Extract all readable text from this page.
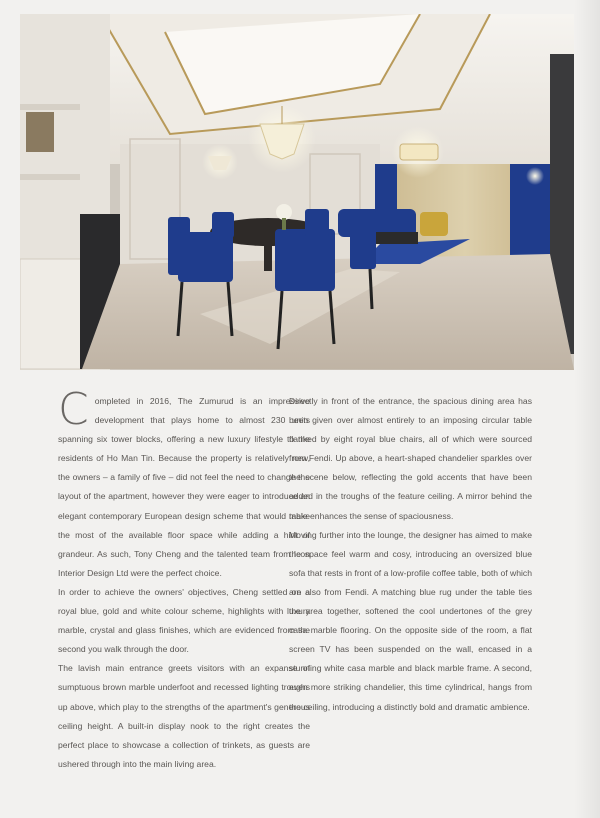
Completed in 2016, The Zumurud is an impressive development that plays home to almost 230 units spanning six tower blocks, offering a new luxury lifestyle to the residents of Ho Man Tin. Because the property is relatively new, the owners – a family of five – did not feel the need to change the layout of the apartment, however they were eager to introduce an elegant contemporary European design scheme that would make the most of the available floor space while adding a hint of grandeur. As such, Tony Cheng and the talented team from Icon Interior Design Ltd were the perfect choice.

In order to achieve the owners' objectives, Cheng settled on a royal blue, gold and white colour scheme, highlights with luxury marble, crystal and glass finishes, which are evidenced from the second you walk through the door.

The lavish main entrance greets visitors with an expanse of sumptuous brown marble underfoot and recessed lighting troughs up above, which play to the strengths of the apartment's generous ceiling height. A built-in display nook to the right creates the perfect place to showcase a collection of trinkets, as guests are ushered through into the main living area.

Directly in front of the entrance, the spacious dining area has been given over almost entirely to an imposing circular table flanked by eight royal blue chairs, all of which were sourced from Fendi. Up above, a heart-shaped chandelier sparkles over the scene below, reflecting the gold accents that have been added in the troughs of the feature ceiling. A mirror behind the table enhances the sense of spaciousness.

Moving further into the lounge, the designer has aimed to make the space feel warm and cosy, introducing an oversized blue sofa that rests in front of a low-profile coffee table, both of which are also from Fendi. A matching blue rug under the table ties the area together, softened the cool undertones of the grey casa marble flooring. On the opposite side of the room, a flat screen TV has been suspended on the wall, encased in a stunning white casa marble and black marble frame. A second, even more striking chandelier, this time cylindrical, hangs from the ceiling, introducing a distinctly bold and dramatic ambience.
